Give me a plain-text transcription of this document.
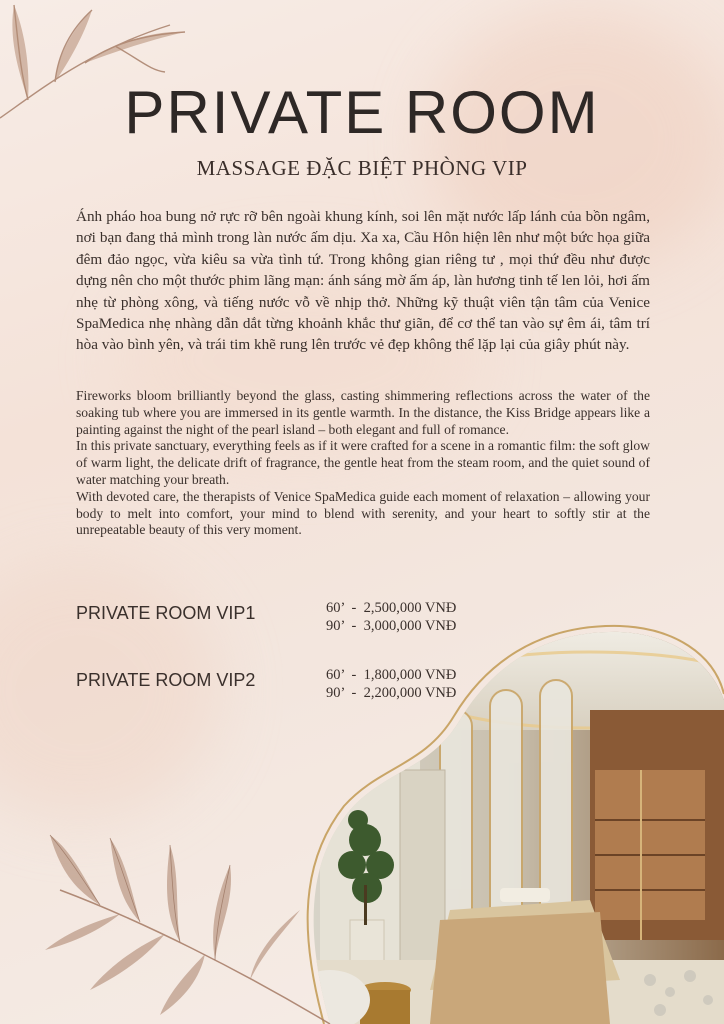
PRIVATE ROOM
MASSAGE ĐẶC BIỆT PHÒNG VIP
Ánh pháo hoa bung nở rực rỡ bên ngoài khung kính, soi lên mặt nước lấp lánh của bồn ngâm, nơi bạn đang thả mình trong làn nước ấm dịu. Xa xa, Cầu Hôn hiện lên như một bức họa giữa đêm đảo ngọc, vừa kiêu sa vừa tình tứ. Trong không gian riêng tư , mọi thứ đều như được dựng nên cho một thước phim lãng mạn: ánh sáng mờ ấm áp, làn hương tinh tế len lỏi, hơi ấm nhẹ từ phòng xông, và tiếng nước vỗ về nhịp thở. Những kỹ thuật viên tận tâm của Venice SpaMedica nhẹ nhàng dẫn dắt từng khoảnh khắc thư giãn, để cơ thể tan vào sự êm ái, tâm trí hòa vào bình yên, và trái tim khẽ rung lên trước vẻ đẹp không thể lặp lại của giây phút này.

Fireworks bloom brilliantly beyond the glass, casting shimmering reflections across the water of the soaking tub where you are immersed in its gentle warmth. In the distance, the Kiss Bridge appears like a painting against the night of the pearl island – both elegant and full of romance.

In this private sanctuary, everything feels as if it were crafted for a scene in a romantic film: the soft glow of warm light, the delicate drift of fragrance, the gentle heat from the steam room, and the quiet sound of water matching your breath.

With devoted care, the therapists of Venice SpaMedica guide each moment of relaxation – allowing your body to melt into comfort, your mind to blend with serenity, and your heart to softly stir at the unrepeatable beauty of this very moment.

PRIVATE ROOM VIP1	60’  -  2,500,000 VNĐ
90’  -  3,000,000 VNĐ
PRIVATE ROOM VIP2	60’  -  1,800,000 VNĐ
90’  -  2,200,000 VNĐ
